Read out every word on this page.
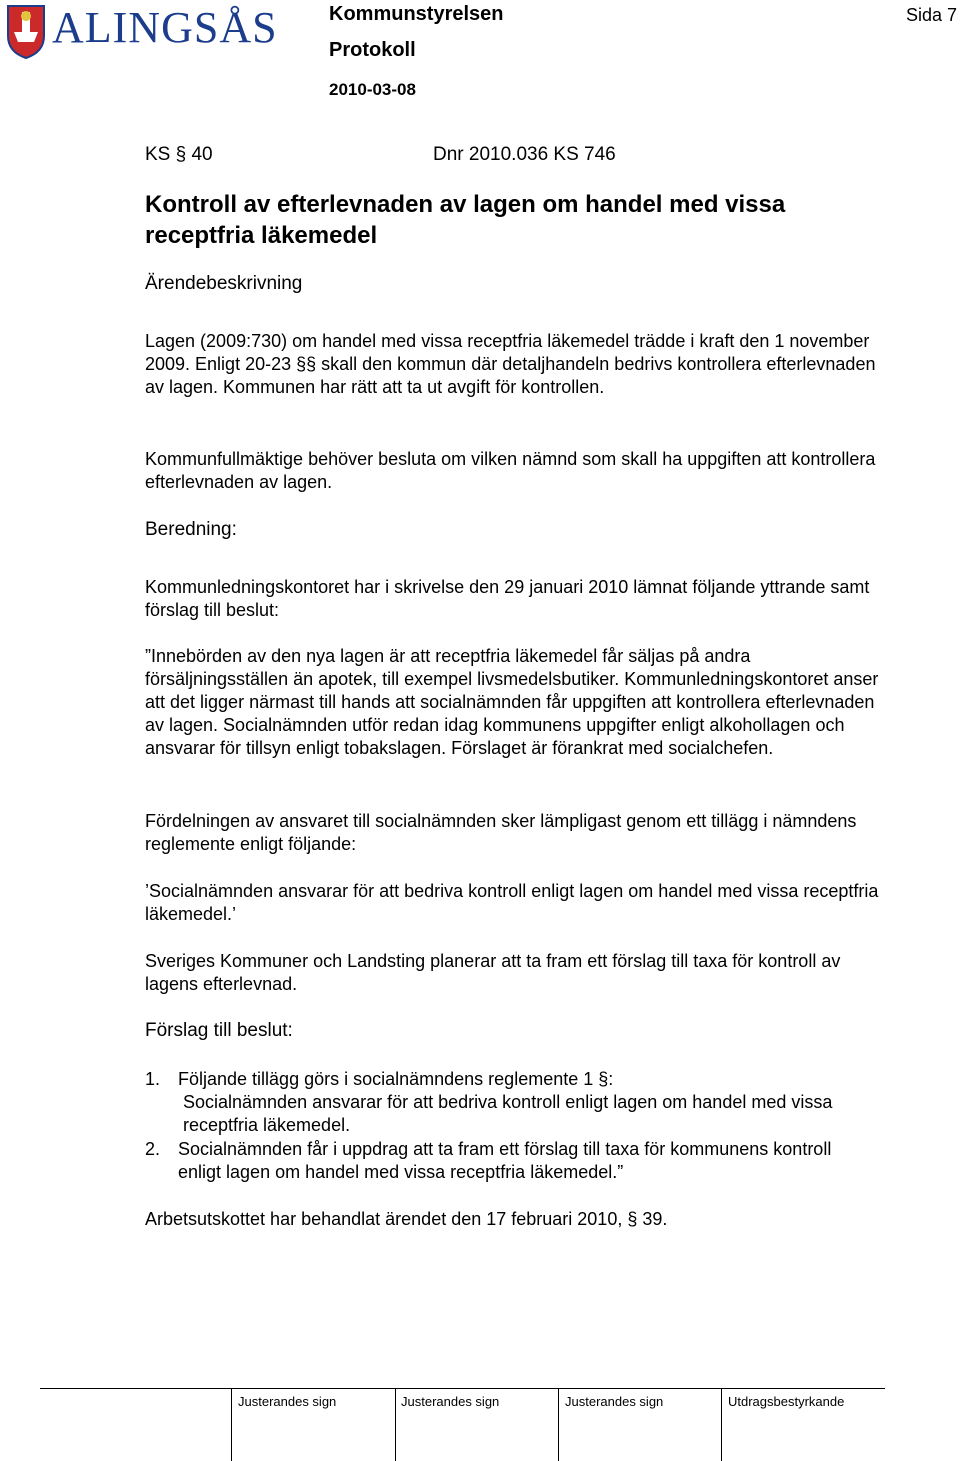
ALINGSÅS	Kommunstyrelsen
Protokoll
2010-03-08
Sida 7
KS § 40	Dnr 2010.036 KS 746
Kontroll av efterlevnaden av lagen om handel med vissa receptfria läkemedel
Ärendebeskrivning

Lagen (2009:730) om handel med vissa receptfria läkemedel trädde i kraft den 1 november 2009. Enligt 20-23 §§ skall den kommun där detaljhandeln bedrivs kontrollera efterlevnaden av lagen. Kommunen har rätt att ta ut avgift för kontrollen.

Kommunfullmäktige behöver besluta om vilken nämnd som skall ha uppgiften att kontrollera efterlevnaden av lagen.

Beredning:

Kommunledningskontoret har i skrivelse den 29 januari 2010 lämnat följande yttrande samt förslag till beslut:

”Innebörden av den nya lagen är att receptfria läkemedel får säljas på andra försäljningsställen än apotek, till exempel livsmedelsbutiker. Kommunledningskontoret anser att det ligger närmast till hands att socialnämnden får uppgiften att kontrollera efterlevnaden av lagen. Socialnämnden utför redan idag kommunens uppgifter enligt alkohollagen och ansvarar för tillsyn enligt tobakslagen. Förslaget är förankrat med socialchefen.

Fördelningen av ansvaret till socialnämnden sker lämpligast genom ett tillägg i nämndens reglemente enligt följande:

’Socialnämnden ansvarar för att bedriva kontroll enligt lagen om handel med vissa receptfria läkemedel.’

Sveriges Kommuner och Landsting planerar att ta fram ett förslag till taxa för kontroll av lagens efterlevnad.

Förslag till beslut:
1. Följande tillägg görs i socialnämndens reglemente 1 §:
Socialnämnden ansvarar för att bedriva kontroll enligt lagen om handel med vissa receptfria läkemedel.
2. Socialnämnden får i uppdrag att ta fram ett förslag till taxa för kommunens kontroll enligt lagen om handel med vissa receptfria läkemedel.”

Arbetsutskottet har behandlat ärendet den 17 februari 2010, § 39.

Justerandes sign	Justerandes sign	Justerandes sign	Utdragsbestyrkande
